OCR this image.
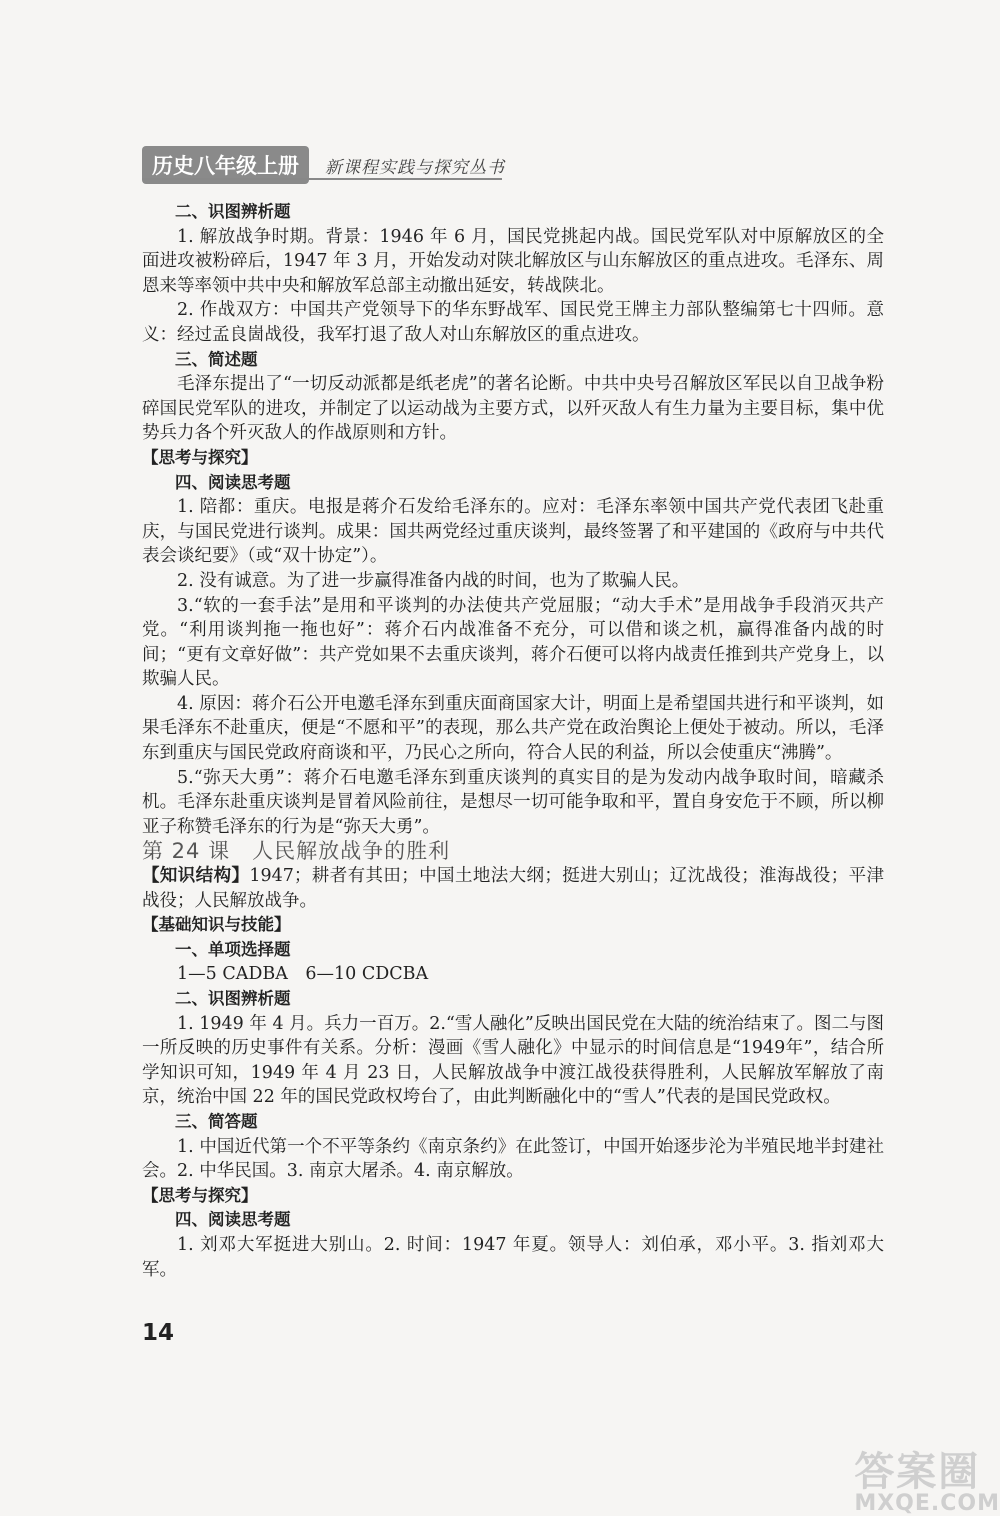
历史八年级上册	新课程实践与探究丛书

二、识图辨析题

1. 解放战争时期。背景：1946 年 6 月，国民党挑起内战。国民党军队对中原解放区的全面进攻被粉碎后，1947 年 3 月，开始发动对陕北解放区与山东解放区的重点进攻。毛泽东、周恩来等率领中共中央和解放军总部主动撤出延安，转战陕北。

2. 作战双方：中国共产党领导下的华东野战军、国民党王牌主力部队整编第七十四师。意义：经过孟良崮战役，我军打退了敌人对山东解放区的重点进攻。

三、简述题

毛泽东提出了“一切反动派都是纸老虎”的著名论断。中共中央号召解放区军民以自卫战争粉碎国民党军队的进攻，并制定了以运动战为主要方式，以歼灭敌人有生力量为主要目标，集中优势兵力各个歼灭敌人的作战原则和方针。

【思考与探究】

四、阅读思考题

1. 陪都：重庆。电报是蒋介石发给毛泽东的。应对：毛泽东率领中国共产党代表团飞赴重庆，与国民党进行谈判。成果：国共两党经过重庆谈判，最终签署了和平建国的《政府与中共代表会谈纪要》（或“双十协定”）。

2. 没有诚意。为了进一步赢得准备内战的时间，也为了欺骗人民。

3.“软的一套手法”是用和平谈判的办法使共产党屈服；“动大手术”是用战争手段消灭共产党。“利用谈判拖一拖也好”：蒋介石内战准备不充分，可以借和谈之机，赢得准备内战的时间；“更有文章好做”：共产党如果不去重庆谈判，蒋介石便可以将内战责任推到共产党身上，以欺骗人民。

4. 原因：蒋介石公开电邀毛泽东到重庆面商国家大计，明面上是希望国共进行和平谈判，如果毛泽东不赴重庆，便是“不愿和平”的表现，那么共产党在政治舆论上便处于被动。所以，毛泽东到重庆与国民党政府商谈和平，乃民心之所向，符合人民的利益，所以会使重庆“沸腾”。

5.“弥天大勇”：蒋介石电邀毛泽东到重庆谈判的真实目的是为发动内战争取时间，暗藏杀机。毛泽东赴重庆谈判是冒着风险前往，是想尽一切可能争取和平，置自身安危于不顾，所以柳亚子称赞毛泽东的行为是“弥天大勇”。

第 24 课　人民解放战争的胜利

【知识结构】1947；耕者有其田；中国土地法大纲；挺进大别山；辽沈战役；淮海战役；平津战役；人民解放战争。

【基础知识与技能】

一、单项选择题

1—5 CADBA　6—10 CDCBA

二、识图辨析题

1. 1949 年 4 月。兵力一百万。2.“雪人融化”反映出国民党在大陆的统治结束了。图二与图一所反映的历史事件有关系。分析：漫画《雪人融化》中显示的时间信息是“1949年”，结合所学知识可知，1949 年 4 月 23 日，人民解放战争中渡江战役获得胜利，人民解放军解放了南京，统治中国 22 年的国民党政权垮台了，由此判断融化中的“雪人”代表的是国民党政权。

三、简答题

1. 中国近代第一个不平等条约《南京条约》在此签订，中国开始逐步沦为半殖民地半封建社会。2. 中华民国。3. 南京大屠杀。4. 南京解放。

【思考与探究】

四、阅读思考题

1. 刘邓大军挺进大别山。2. 时间：1947 年夏。领导人：刘伯承，邓小平。3. 指刘邓大军。

14
答案圈
MXQE.COM
